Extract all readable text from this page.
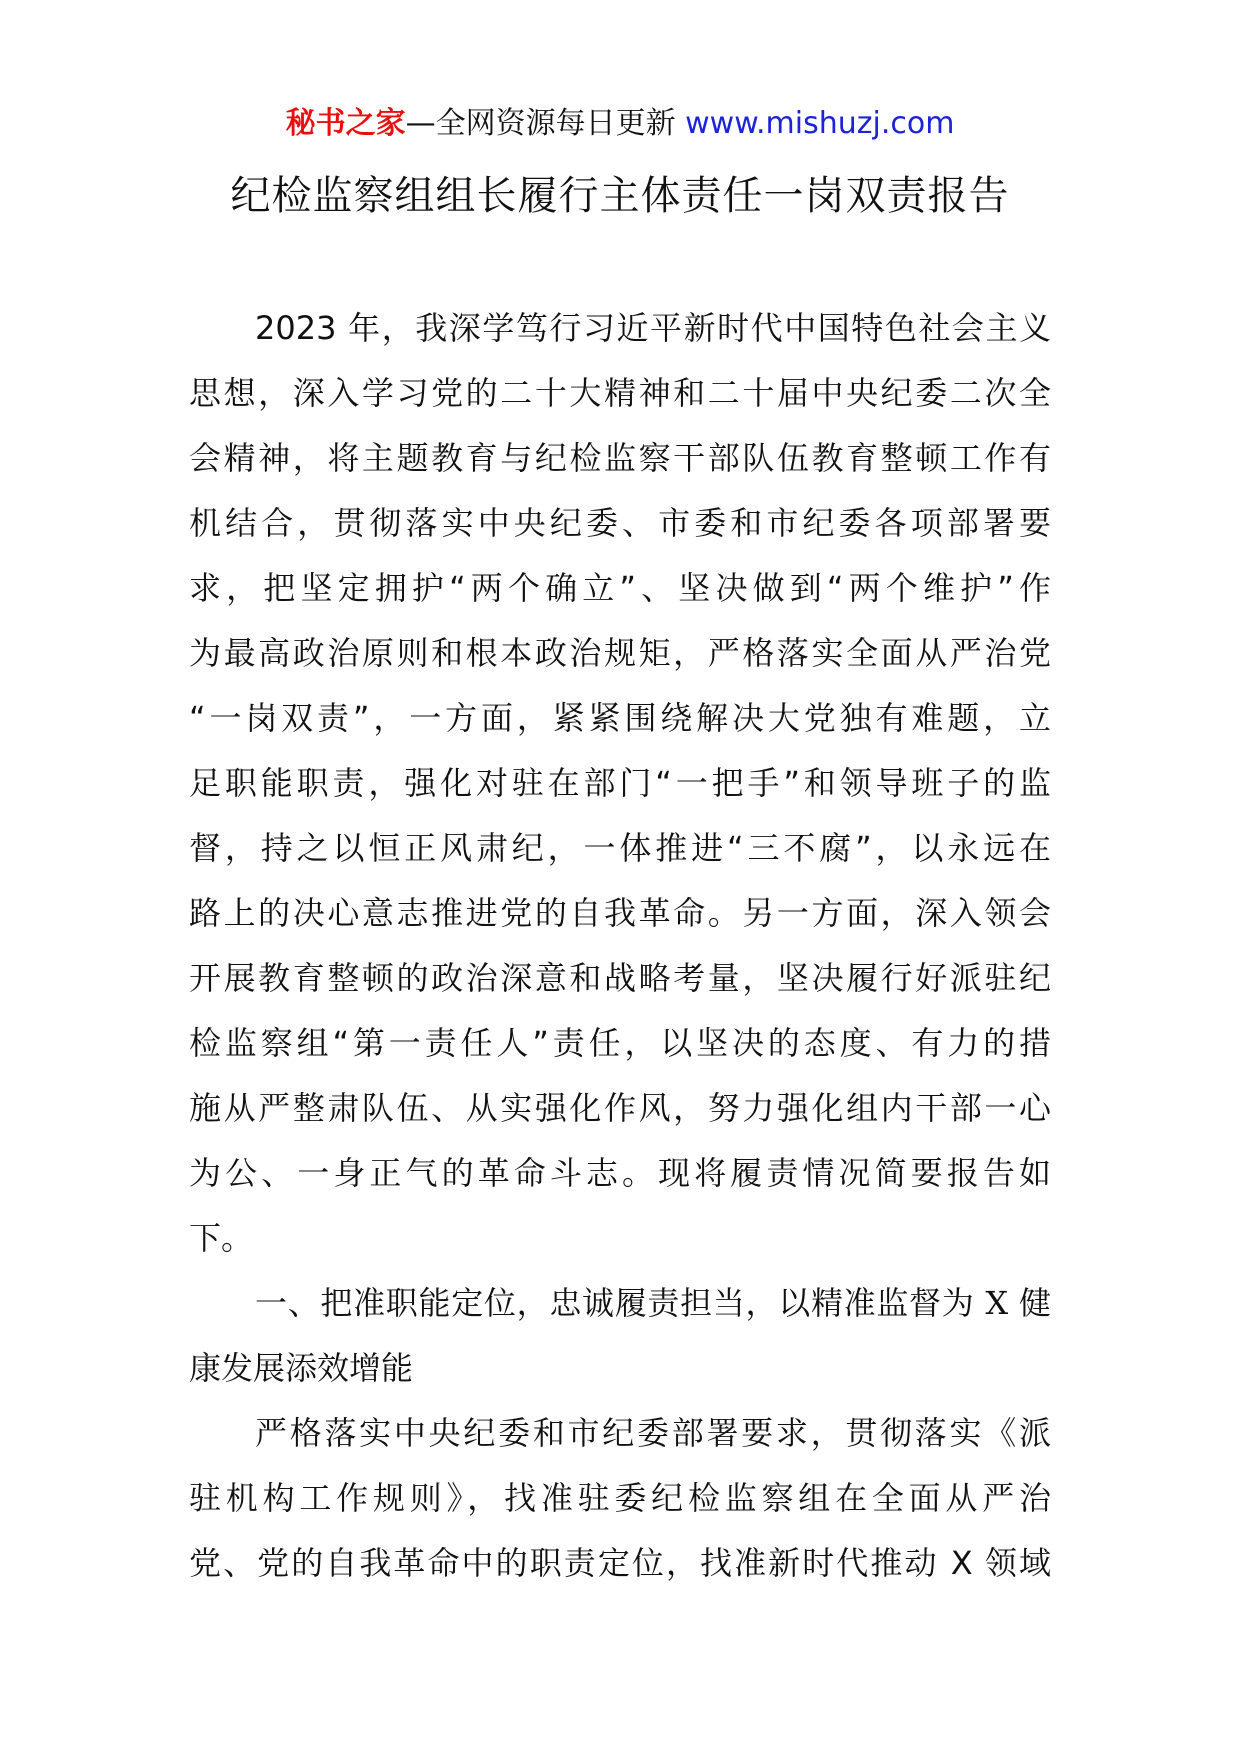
秘书之家—全网资源每日更新 www.mishuzj.com
纪检监察组组长履行主体责任一岗双责报告
2023 年，我深学笃行习近平新时代中国特色社会主义
思想，深入学习党的二十大精神和二十届中央纪委二次全
会精神，将主题教育与纪检监察干部队伍教育整顿工作有
机结合，贯彻落实中央纪委、市委和市纪委各项部署要
求，把坚定拥护“两个确立”、坚决做到“两个维护”作
为最高政治原则和根本政治规矩，严格落实全面从严治党
“一岗双责”，一方面，紧紧围绕解决大党独有难题，立
足职能职责，强化对驻在部门“一把手”和领导班子的监
督，持之以恒正风肃纪，一体推进“三不腐”，以永远在
路上的决心意志推进党的自我革命。另一方面，深入领会
开展教育整顿的政治深意和战略考量，坚决履行好派驻纪
检监察组“第一责任人”责任，以坚决的态度、有力的措
施从严整肃队伍、从实强化作风，努力强化组内干部一心
为公、一身正气的革命斗志。现将履责情况简要报告如
下。
一、把准职能定位，忠诚履责担当，以精准监督为 X 健
康发展添效增能
严格落实中央纪委和市纪委部署要求，贯彻落实《派
驻机构工作规则》，找准驻委纪检监察组在全面从严治
党、党的自我革命中的职责定位，找准新时代推动 X 领域
